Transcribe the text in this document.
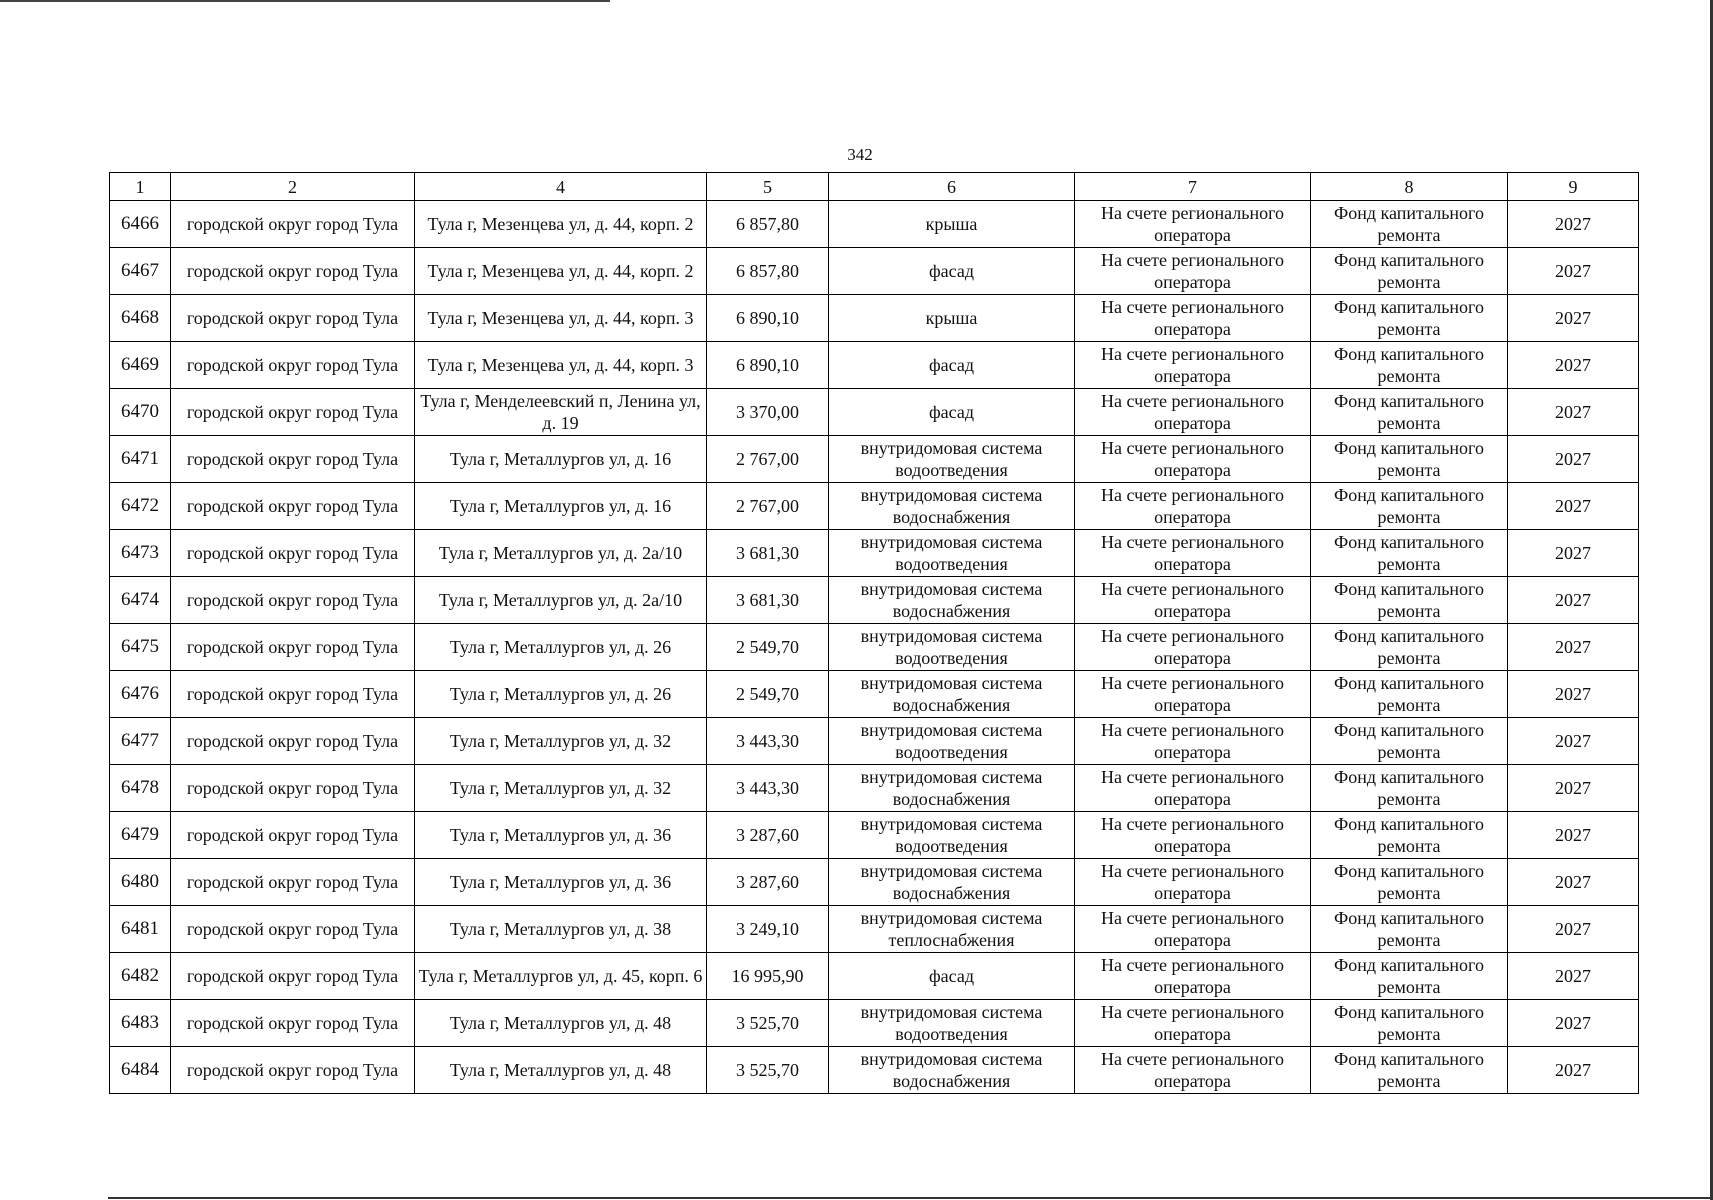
342
1	2	4	5	6	7	8	9
6466	городской округ город Тула	Тула г, Мезенцева ул, д. 44, корп. 2	6 857,80	крыша	На счете регионального оператора	Фонд капитального ремонта	2027
6467	городской округ город Тула	Тула г, Мезенцева ул, д. 44, корп. 2	6 857,80	фасад	На счете регионального оператора	Фонд капитального ремонта	2027
6468	городской округ город Тула	Тула г, Мезенцева ул, д. 44, корп. 3	6 890,10	крыша	На счете регионального оператора	Фонд капитального ремонта	2027
6469	городской округ город Тула	Тула г, Мезенцева ул, д. 44, корп. 3	6 890,10	фасад	На счете регионального оператора	Фонд капитального ремонта	2027
6470	городской округ город Тула	Тула г, Менделеевский п, Ленина ул, д. 19	3 370,00	фасад	На счете регионального оператора	Фонд капитального ремонта	2027
6471	городской округ город Тула	Тула г, Металлургов ул, д. 16	2 767,00	внутридомовая система водоотведения	На счете регионального оператора	Фонд капитального ремонта	2027
6472	городской округ город Тула	Тула г, Металлургов ул, д. 16	2 767,00	внутридомовая система водоснабжения	На счете регионального оператора	Фонд капитального ремонта	2027
6473	городской округ город Тула	Тула г, Металлургов ул, д. 2а/10	3 681,30	внутридомовая система водоотведения	На счете регионального оператора	Фонд капитального ремонта	2027
6474	городской округ город Тула	Тула г, Металлургов ул, д. 2а/10	3 681,30	внутридомовая система водоснабжения	На счете регионального оператора	Фонд капитального ремонта	2027
6475	городской округ город Тула	Тула г, Металлургов ул, д. 26	2 549,70	внутридомовая система водоотведения	На счете регионального оператора	Фонд капитального ремонта	2027
6476	городской округ город Тула	Тула г, Металлургов ул, д. 26	2 549,70	внутридомовая система водоснабжения	На счете регионального оператора	Фонд капитального ремонта	2027
6477	городской округ город Тула	Тула г, Металлургов ул, д. 32	3 443,30	внутридомовая система водоотведения	На счете регионального оператора	Фонд капитального ремонта	2027
6478	городской округ город Тула	Тула г, Металлургов ул, д. 32	3 443,30	внутридомовая система водоснабжения	На счете регионального оператора	Фонд капитального ремонта	2027
6479	городской округ город Тула	Тула г, Металлургов ул, д. 36	3 287,60	внутридомовая система водоотведения	На счете регионального оператора	Фонд капитального ремонта	2027
6480	городской округ город Тула	Тула г, Металлургов ул, д. 36	3 287,60	внутридомовая система водоснабжения	На счете регионального оператора	Фонд капитального ремонта	2027
6481	городской округ город Тула	Тула г, Металлургов ул, д. 38	3 249,10	внутридомовая система теплоснабжения	На счете регионального оператора	Фонд капитального ремонта	2027
6482	городской округ город Тула	Тула г, Металлургов ул, д. 45, корп. 6	16 995,90	фасад	На счете регионального оператора	Фонд капитального ремонта	2027
6483	городской округ город Тула	Тула г, Металлургов ул, д. 48	3 525,70	внутридомовая система водоотведения	На счете регионального оператора	Фонд капитального ремонта	2027
6484	городской округ город Тула	Тула г, Металлургов ул, д. 48	3 525,70	внутридомовая система водоснабжения	На счете регионального оператора	Фонд капитального ремонта	2027
